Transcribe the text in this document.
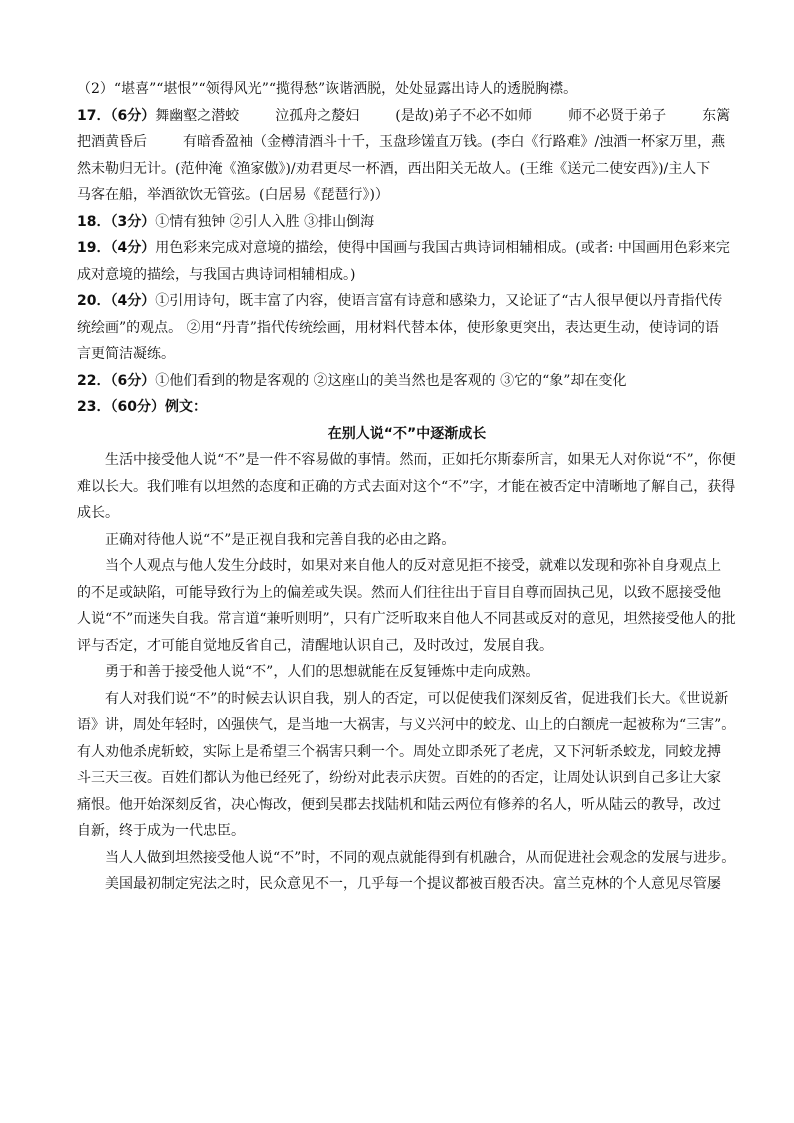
（2）“堪喜”“堪恨”“领得风光”“揽得愁”诙谐洒脱，处处显露出诗人的透脱胸襟。
17．（6分）舞幽壑之潜蛟	泣孤舟之嫠妇	(是故)弟子不必不如师	师不必贤于弟子	东篱
把酒黄昏后	有暗香盈袖（金樽清酒斗十千，玉盘珍馐直万钱。(李白《行路难》/浊酒一杯家万里，燕
然未勒归无计。(范仲淹《渔家傲》)/劝君更尽一杯酒，西出阳关无故人。(王维《送元二使安西》)/主人下
马客在船，举酒欲饮无管弦。(白居易《琵琶行》)）
18．（3分）①情有独钟 ②引人入胜 ③排山倒海
19．（4分）用色彩来完成对意境的描绘，使得中国画与我国古典诗词相辅相成。(或者: 中国画用色彩来完
成对意境的描绘，与我国古典诗词相辅相成。)
20．（4分）①引用诗句，既丰富了内容，使语言富有诗意和感染力，又论证了“古人很早便以丹青指代传
统绘画”的观点。 ②用“丹青”指代传统绘画，用材料代替本体，使形象更突出，表达更生动，使诗词的语
言更简洁凝练。
22．（6分）①他们看到的物是客观的 ②这座山的美当然也是客观的 ③它的“象”却在变化
23．（60分）例文：
在别人说“不”中逐渐成长
生活中接受他人说“不”是一件不容易做的事情。然而，正如托尔斯泰所言，如果无人对你说“不”，你便
难以长大。我们唯有以坦然的态度和正确的方式去面对这个“不”字，才能在被否定中清晰地了解自己，获得
成长。
正确对待他人说“不”是正视自我和完善自我的必由之路。
当个人观点与他人发生分歧时，如果对来自他人的反对意见拒不接受，就难以发现和弥补自身观点上
的不足或缺陷，可能导致行为上的偏差或失误。然而人们往往出于盲目自尊而固执己见，以致不愿接受他
人说“不”而迷失自我。常言道“兼听则明”，只有广泛听取来自他人不同甚或反对的意见，坦然接受他人的批
评与否定，才可能自觉地反省自己，清醒地认识自己，及时改过，发展自我。
勇于和善于接受他人说“不”，人们的思想就能在反复锤炼中走向成熟。
有人对我们说“不”的时候去认识自我，别人的否定，可以促使我们深刻反省，促进我们长大。《世说新
语》讲，周处年轻时，凶强侠气，是当地一大祸害，与义兴河中的蛟龙、山上的白额虎一起被称为“三害”。
有人劝他杀虎斩蛟，实际上是希望三个祸害只剩一个。周处立即杀死了老虎，又下河斩杀蛟龙，同蛟龙搏
斗三天三夜。百姓们都认为他已经死了，纷纷对此表示庆贺。百姓的的否定，让周处认识到自己多让大家
痛恨。他开始深刻反省，决心悔改，便到吴郡去找陆机和陆云两位有修养的名人，听从陆云的教导，改过
自新，终于成为一代忠臣。
当人人做到坦然接受他人说“不”时，不同的观点就能得到有机融合，从而促进社会观念的发展与进步。
美国最初制定宪法之时，民众意见不一，几乎每一个提议都被百般否决。富兰克林的个人意见尽管屡
